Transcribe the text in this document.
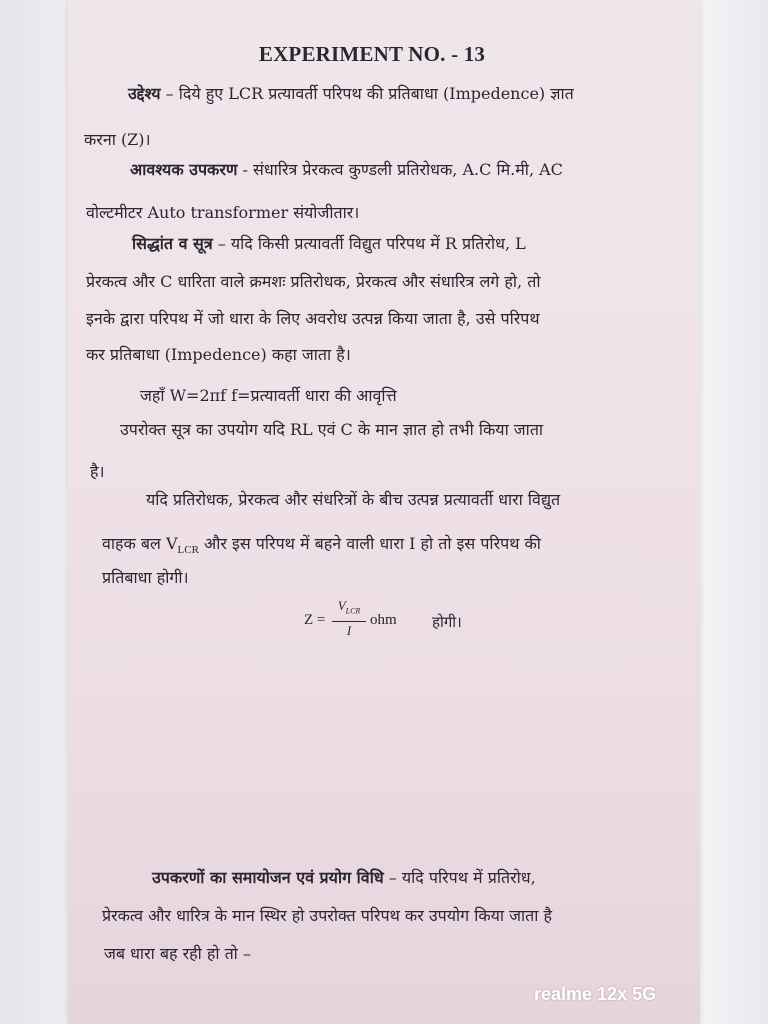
EXPERIMENT NO. - 13
उद्देश्य – दिये हुए LCR प्रत्यावर्ती परिपथ की प्रतिबाधा (Impedence) ज्ञात
करना (Z)।
आवश्यक उपकरण - संधारित्र प्रेरकत्व कुण्डली प्रतिरोधक, A.C मि.मी, AC
वोल्टमीटर Auto transformer संयोजीतार।
सिद्धांत व सूत्र – यदि किसी प्रत्यावर्ती विद्युत परिपथ में R प्रतिरोध, L
प्रेरकत्व और C धारिता वाले क्रमशः प्रतिरोधक, प्रेरकत्व और संधारित्र लगे हो, तो
इनके द्वारा परिपथ में जो धारा के लिए अवरोध उत्पन्न किया जाता है, उसे परिपथ
कर प्रतिबाधा (Impedence) कहा जाता है।
जहाँ W=2πf f=प्रत्यावर्ती धारा की आवृत्ति
उपरोक्त सूत्र का उपयोग यदि RL एवं C के मान ज्ञात हो तभी किया जाता
है।
यदि प्रतिरोधक, प्रेरकत्व और संधरित्रों के बीच उत्पन्न प्रत्यावर्ती धारा विद्युत
वाहक बल $V_{LCR}$ और इस परिपथ में बहने वाली धारा I हो तो इस परिपथ की
प्रतिबाधा होगी।
Z =
$V_{LCR}$
I
ohm होगी।
उपकरणों का समायोजन एवं प्रयोग विधि – यदि परिपथ में प्रतिरोध,
प्रेरकत्व और धारित्र के मान स्थिर हो उपरोक्त परिपथ कर उपयोग किया जाता है
जब धारा बह रही हो तो –
realme 12x 5G
